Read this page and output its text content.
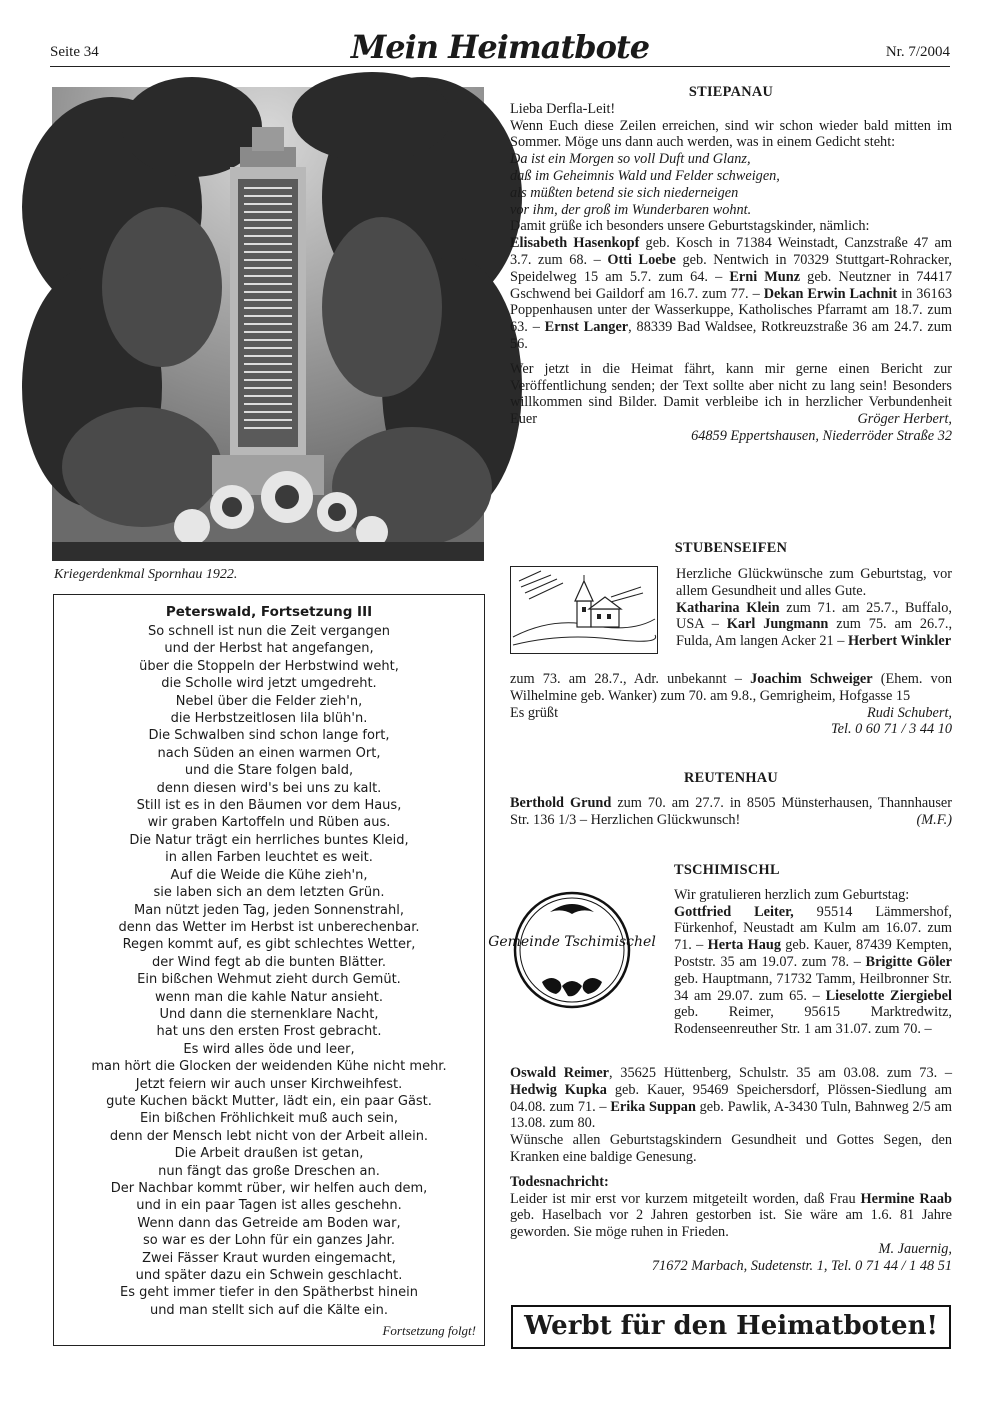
Seite 34	Mein Heimatbote	Nr. 7/2004
Kriegerdenkmal Spornhau 1922.
Peterswald, Fortsetzung III
So schnell ist nun die Zeit vergangen
und der Herbst hat angefangen,
über die Stoppeln der Herbstwind weht,
die Scholle wird jetzt umgedreht.
Nebel über die Felder zieh'n,
die Herbstzeitlosen lila blüh'n.
Die Schwalben sind schon lange fort,
nach Süden an einen warmen Ort,
und die Stare folgen bald,
denn diesen wird's bei uns zu kalt.
Still ist es in den Bäumen vor dem Haus,
wir graben Kartoffeln und Rüben aus.
Die Natur trägt ein herrliches buntes Kleid,
in allen Farben leuchtet es weit.
Auf die Weide die Kühe zieh'n,
sie laben sich an dem letzten Grün.
Man nützt jeden Tag, jeden Sonnenstrahl,
denn das Wetter im Herbst ist unberechenbar.
Regen kommt auf, es gibt schlechtes Wetter,
der Wind fegt ab die bunten Blätter.
Ein bißchen Wehmut zieht durch Gemüt.
wenn man die kahle Natur ansieht.
Und dann die sternenklare Nacht,
hat uns den ersten Frost gebracht.
Es wird alles öde und leer,
man hört die Glocken der weidenden Kühe nicht mehr.
Jetzt feiern wir auch unser Kirchweihfest.
gute Kuchen bäckt Mutter, lädt ein, ein paar Gäst.
Ein bißchen Fröhlichkeit muß auch sein,
denn der Mensch lebt nicht von der Arbeit allein.
Die Arbeit draußen ist getan,
nun fängt das große Dreschen an.
Der Nachbar kommt rüber, wir helfen auch dem,
und in ein paar Tagen ist alles geschehn.
Wenn dann das Getreide am Boden war,
so war es der Lohn für ein ganzes Jahr.
Zwei Fässer Kraut wurden eingemacht,
und später dazu ein Schwein geschlacht.
Es geht immer tiefer in den Spätherbst hinein
und man stellt sich auf die Kälte ein.
Fortsetzung folgt!
STIEPANAU

Lieba Derfla-Leit!

Wenn Euch diese Zeilen erreichen, sind wir schon wieder bald mitten im Sommer. Möge uns dann auch werden, was in einem Gedicht steht:

Da ist ein Morgen so voll Duft und Glanz,
daß im Geheimnis Wald und Felder schweigen,
als müßten betend sie sich niederneigen
vor ihm, der groß im Wunderbaren wohnt.

Damit grüße ich besonders unsere Geburtstagskinder, nämlich:

Elisabeth Hasenkopf geb. Kosch in 71384 Weinstadt, Canzstraße 47 am 3.7. zum 68. – Otti Loebe geb. Nentwich in 70329 Stuttgart-Rohracker, Speidelweg 15 am 5.7. zum 64. – Erni Munz geb. Neutzner in 74417 Gschwend bei Gaildorf am 16.7. zum 77. – Dekan Erwin Lachnit in 36163 Poppenhausen unter der Wasserkuppe, Katholisches Pfarramt am 18.7. zum 63. – Ernst Langer, 88339 Bad Waldsee, Rotkreuzstraße 36 am 24.7. zum 56.

Wer jetzt in die Heimat fährt, kann mir gerne einen Bericht zur Veröffentlichung senden; der Text sollte aber nicht zu lang sein! Besonders willkommen sind Bilder. Damit verbleibe ich in herzlicher Verbundenheit Euer	Gröger Herbert,

64859 Eppertshausen, Niederröder Straße 32
STUBENSEIFEN

Herzliche Glückwünsche zum Geburtstag, vor allem Gesundheit und alles Gute.

Katharina Klein zum 71. am 25.7., Buffalo, USA – Karl Jungmann zum 75. am 26.7., Fulda, Am langen Acker 21 – Herbert Winkler

zum 73. am 28.7., Adr. unbekannt – Joachim Schweiger (Ehem. von Wilhelmine geb. Wanker) zum 70. am 9.8., Gemrigheim, Hofgasse 15

Es grüßt	Rudi Schubert,
Tel. 0 60 71 / 3 44 10
REUTENHAU

Berthold Grund zum 70. am 27.7. in 8505 Münsterhausen, Thannhauser Str. 136 1/3 – Herzlichen Glückwunsch!	(M.F.)

TSCHIMISCHL

Wir gratulieren herzlich zum Geburtstag:

Gottfried Leiter, 95514 Lämmershof, Fürkenhof, Neustadt am Kulm am 16.07. zum 71. – Herta Haug geb. Kauer, 87439 Kempten, Poststr. 35 am 19.07. zum 78. – Brigitte Göler geb. Hauptmann, 71732 Tamm, Heilbronner Str. 34 am 29.07. zum 65. – Lieselotte Ziergiebel geb. Reimer, 95615 Marktredwitz, Rodenseenreuther Str. 1 am 31.07. zum 70. –

Gemeinde Tschimischel

Oswald Reimer, 35625 Hüttenberg, Schulstr. 35 am 03.08. zum 73. – Hedwig Kupka geb. Kauer, 95469 Speichersdorf, Plössen-Siedlung am 04.08. zum 71. – Erika Suppan geb. Pawlik, A-3430 Tuln, Bahnweg 2/5 am 13.08. zum 80.

Wünsche allen Geburtstagskindern Gesundheit und Gottes Segen, den Kranken eine baldige Genesung.

Todesnachricht:

Leider ist mir erst vor kurzem mitgeteilt worden, daß Frau Hermine Raab geb. Haselbach vor 2 Jahren gestorben ist. Sie wäre am 1.6. 81 Jahre geworden. Sie möge ruhen in Frieden.

M. Jauernig,
71672 Marbach, Sudetenstr. 1, Tel. 0 71 44 / 1 48 51
Werbt für den Heimatboten!
